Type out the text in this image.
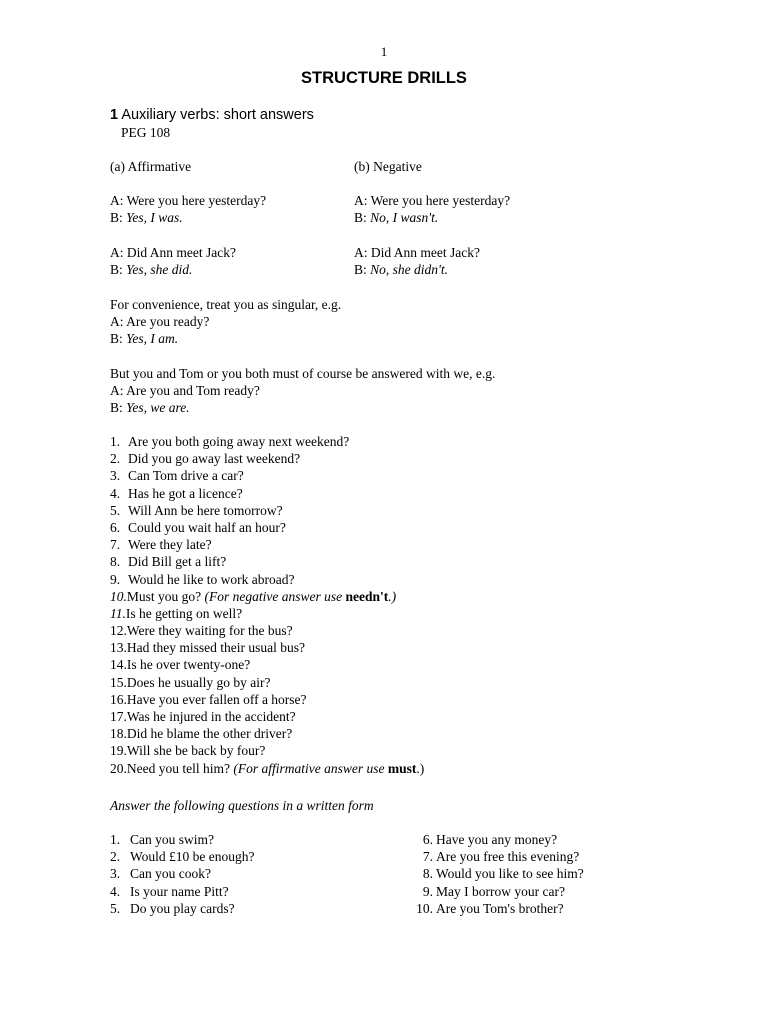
1
STRUCTURE DRILLS
1 Auxiliary verbs: short answers
PEG 108
(a) Affirmative	(b) Negative
A: Were you here yesterday?
B: Yes, I was.
A: Were you here yesterday?
B: No, I wasn't.
A: Did Ann meet Jack?
B: Yes, she did.
A: Did Ann meet Jack?
B: No, she didn't.
For convenience, treat you as singular, e.g.
A: Are you ready?
B: Yes, I am.
But you and Tom or you both must of course be answered with we, e.g.
A: Are you and Tom ready?
B: Yes, we are.
1. Are you both going away next weekend?
2. Did you go away last weekend?
3. Can Tom drive a car?
4. Has he got a licence?
5. Will Ann be here tomorrow?
6. Could you wait half an hour?
7. Were they late?
8. Did Bill get a lift?
9. Would he like to work abroad?
10.Must you go? (For negative answer use needn't.)
11.Is he getting on well?
12.Were they waiting for the bus?
13.Had they missed their usual bus?
14.Is he over twenty-one?
15.Does he usually go by air?
16.Have you ever fallen off a horse?
17.Was he injured in the accident?
18.Did he blame the other driver?
19.Will she be back by four?
20.Need you tell him? (For affirmative answer use must.)
Answer the following questions in a written form
1. Can you swim?
2. Would £10 be enough?
3. Can you cook?
4. Is your name Pitt?
5. Do you play cards?
6. Have you any money?
7. Are you free this evening?
8. Would you like to see him?
9. May I borrow your car?
10. Are you Tom's brother?
